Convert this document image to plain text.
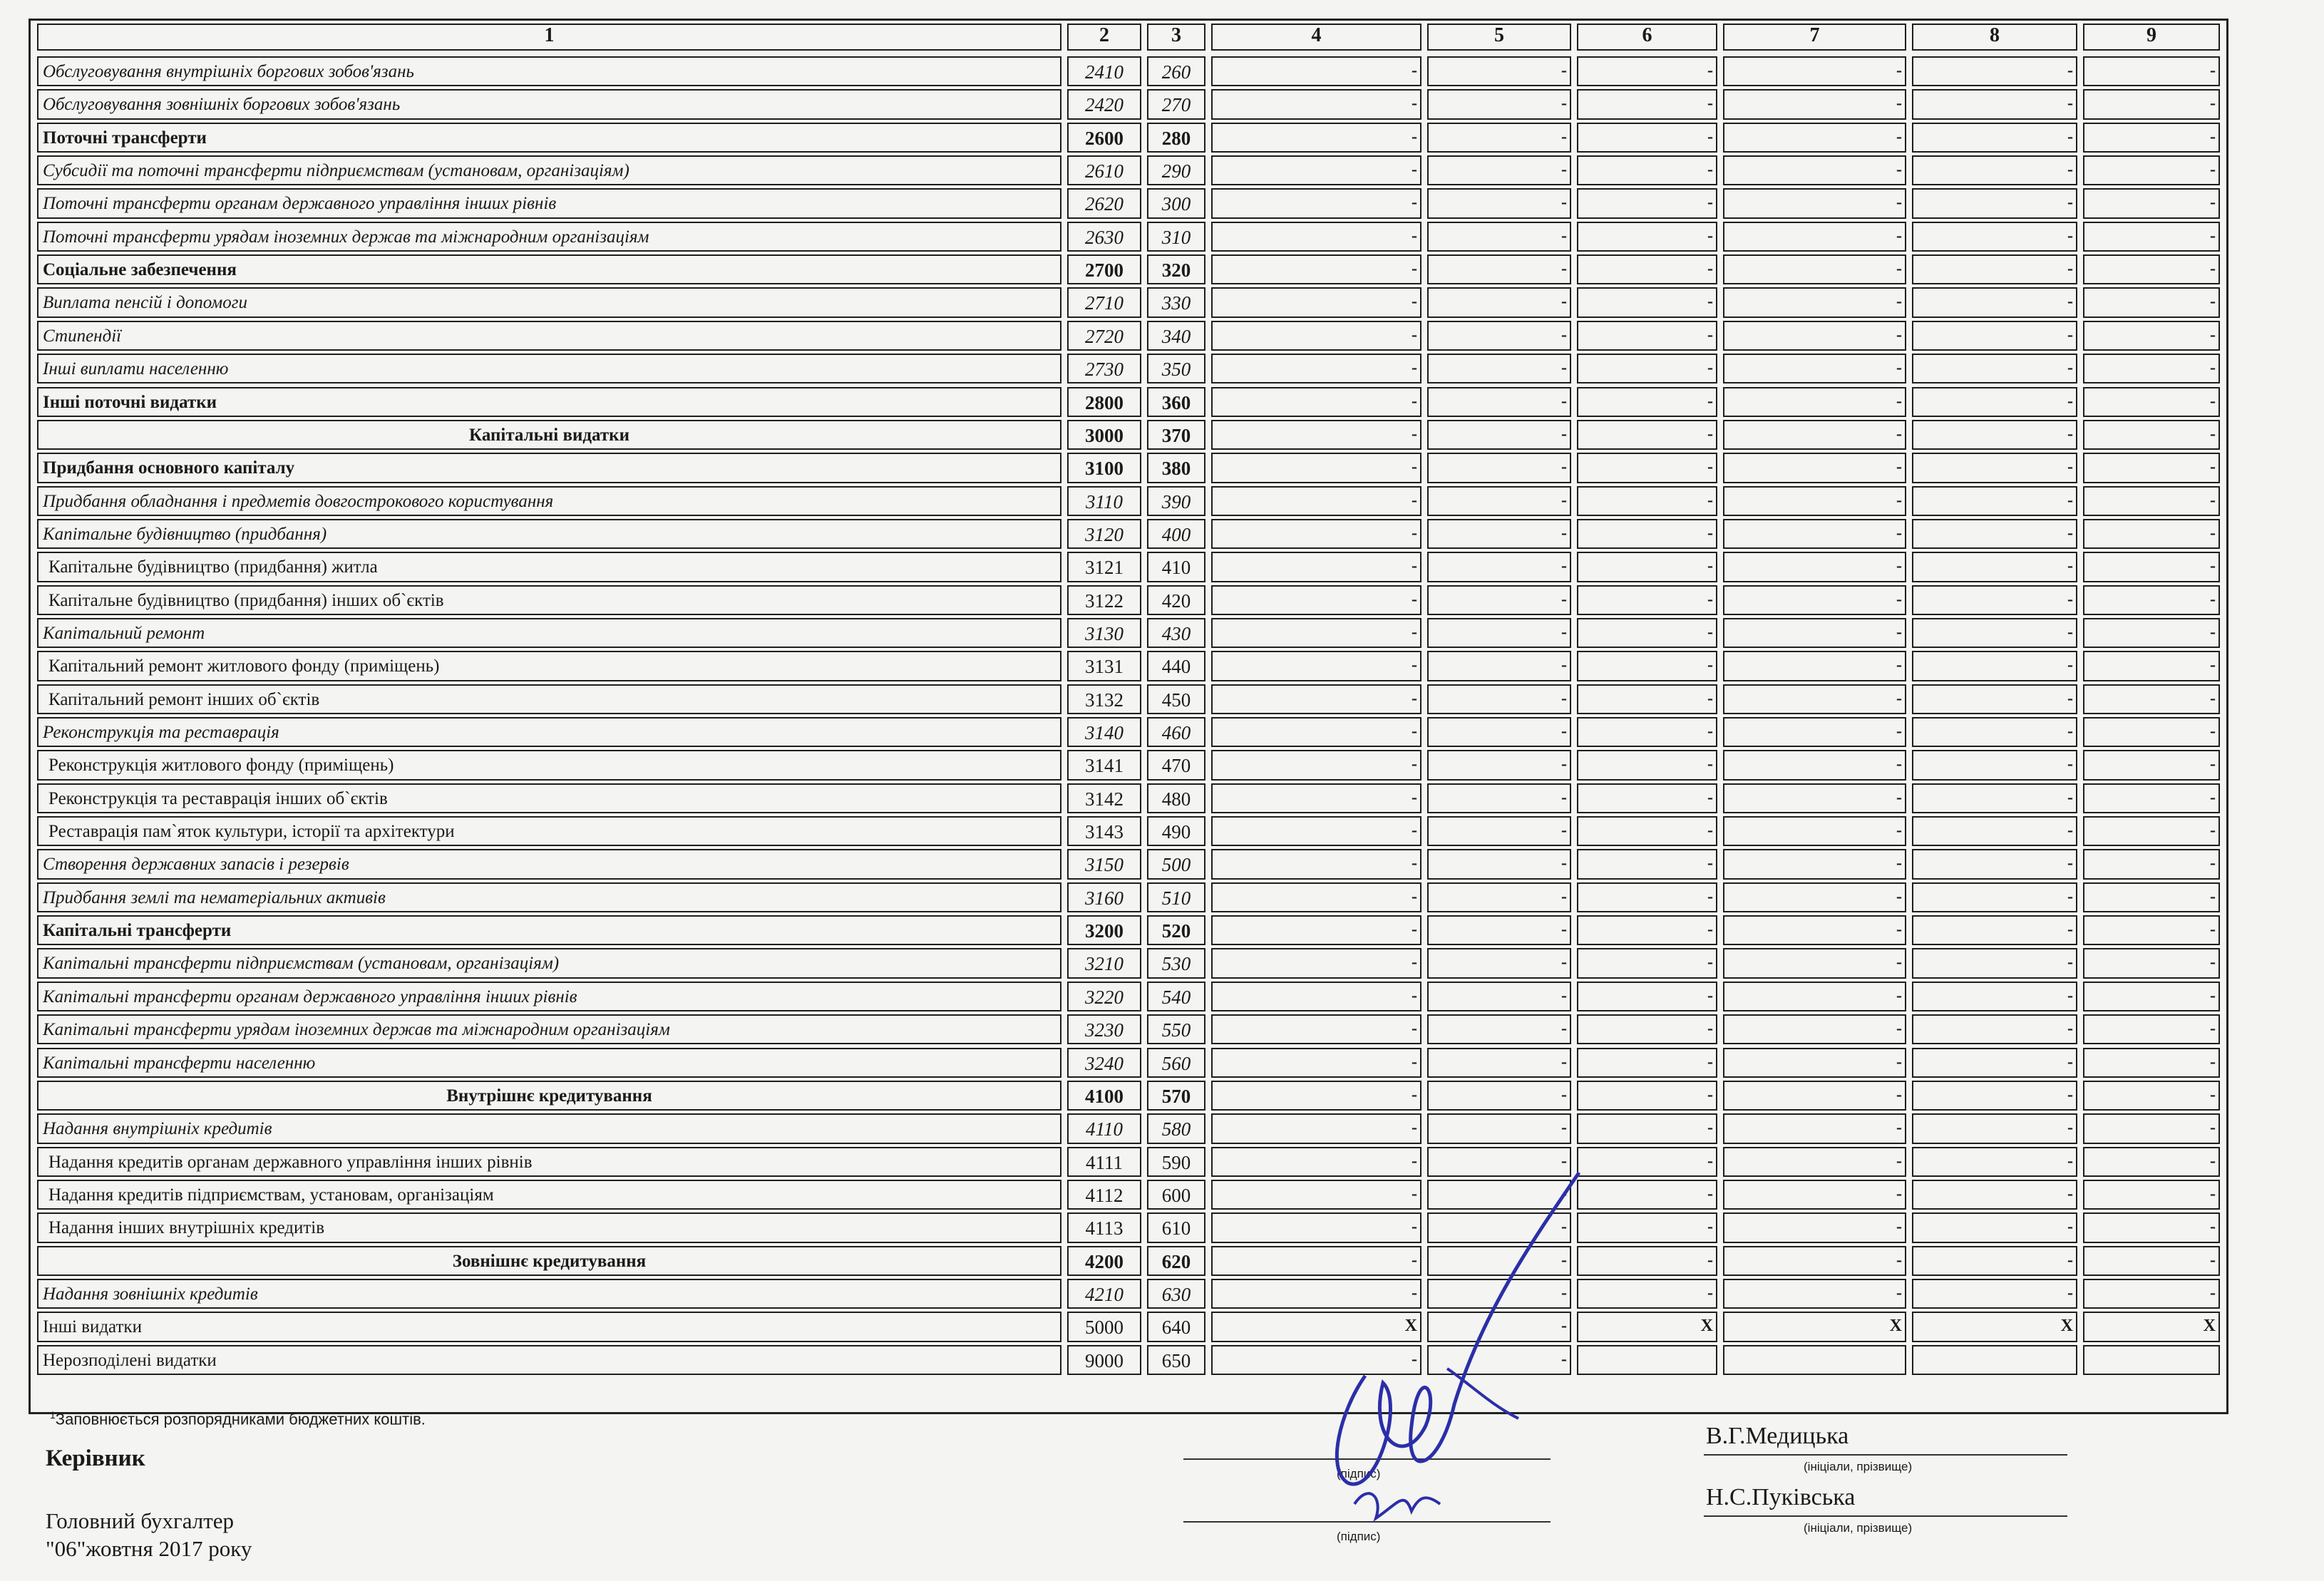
1	2	3	4	5	6	7	8	9
Обслуговування внутрішніх боргових зобов'язань	2410	260	-	-	-	-	-	-
Обслуговування зовнішніх боргових зобов'язань	2420	270	-	-	-	-	-	-
Поточні трансферти	2600	280	-	-	-	-	-	-
Субсидії та поточні трансферти підприємствам (установам, організаціям)	2610	290	-	-	-	-	-	-
Поточні трансферти органам державного управління інших рівнів	2620	300	-	-	-	-	-	-
Поточні трансферти урядам іноземних держав та міжнародним організаціям	2630	310	-	-	-	-	-	-
Соціальне забезпечення	2700	320	-	-	-	-	-	-
Виплата пенсій і допомоги	2710	330	-	-	-	-	-	-
Стипендії	2720	340	-	-	-	-	-	-
Інші виплати населенню	2730	350	-	-	-	-	-	-
Інші поточні видатки	2800	360	-	-	-	-	-	-
Капітальні видатки	3000	370	-	-	-	-	-	-
Придбання основного капіталу	3100	380	-	-	-	-	-	-
Придбання обладнання і предметів довгострокового користування	3110	390	-	-	-	-	-	-
Капітальне будівництво (придбання)	3120	400	-	-	-	-	-	-
Капітальне будівництво (придбання) житла	3121	410	-	-	-	-	-	-
Капітальне будівництво (придбання) інших об`єктів	3122	420	-	-	-	-	-	-
Капітальний ремонт	3130	430	-	-	-	-	-	-
Капітальний ремонт житлового фонду (приміщень)	3131	440	-	-	-	-	-	-
Капітальний ремонт інших об`єктів	3132	450	-	-	-	-	-	-
Реконструкція та реставрація	3140	460	-	-	-	-	-	-
Реконструкція житлового фонду (приміщень)	3141	470	-	-	-	-	-	-
Реконструкція та реставрація інших об`єктів	3142	480	-	-	-	-	-	-
Реставрація пам`яток культури, історії та архітектури	3143	490	-	-	-	-	-	-
Створення державних запасів і резервів	3150	500	-	-	-	-	-	-
Придбання землі та нематеріальних активів	3160	510	-	-	-	-	-	-
Капітальні трансферти	3200	520	-	-	-	-	-	-
Капітальні трансферти підприємствам (установам, організаціям)	3210	530	-	-	-	-	-	-
Капітальні трансферти органам державного управління інших рівнів	3220	540	-	-	-	-	-	-
Капітальні трансферти урядам іноземних держав та міжнародним організаціям	3230	550	-	-	-	-	-	-
Капітальні трансферти населенню	3240	560	-	-	-	-	-	-
Внутрішнє кредитування	4100	570	-	-	-	-	-	-
Надання внутрішніх кредитів	4110	580	-	-	-	-	-	-
Надання кредитів органам державного управління інших рівнів	4111	590	-	-	-	-	-	-
Надання кредитів підприємствам, установам, організаціям	4112	600	-	-	-	-	-	-
Надання інших внутрішніх кредитів	4113	610	-	-	-	-	-	-
Зовнішнє кредитування	4200	620	-	-	-	-	-	-
Надання зовнішніх кредитів	4210	630	-	-	-	-	-	-
Інші видатки	5000	640	X	-	X	X	X	X
Нерозподілені видатки	9000	650	-	-
$^1$Заповнюється розпорядниками бюджетних коштів.
Керівник
(підпис)
В.Г.Медицька
(ініціали, прізвище)
Головний бухгалтер
"06"жовтня 2017 року	(підпис)
Н.С.Пуківська
(ініціали, прізвище)
